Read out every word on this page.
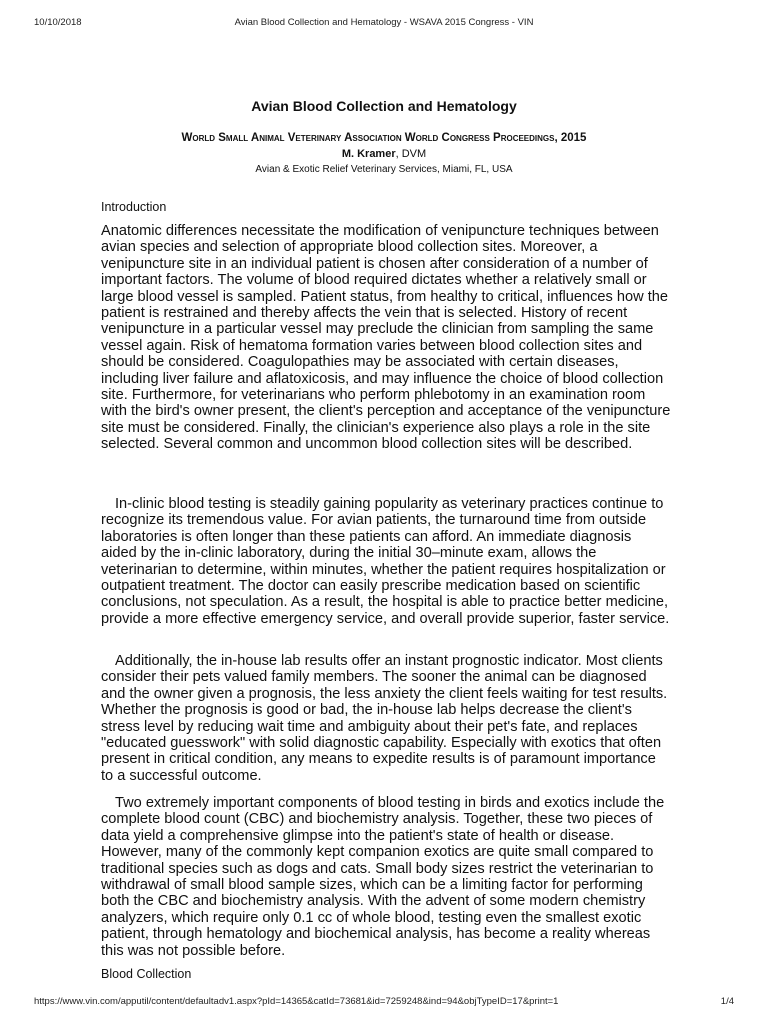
10/10/2018	Avian Blood Collection and Hematology - WSAVA 2015 Congress - VIN
Avian Blood Collection and Hematology
World Small Animal Veterinary Association World Congress Proceedings, 2015
M. Kramer, DVM
Avian & Exotic Relief Veterinary Services, Miami, FL, USA
Introduction

Anatomic differences necessitate the modification of venipuncture techniques between avian species and selection of appropriate blood collection sites. Moreover, a venipuncture site in an individual patient is chosen after consideration of a number of important factors. The volume of blood required dictates whether a relatively small or large blood vessel is sampled. Patient status, from healthy to critical, influences how the patient is restrained and thereby affects the vein that is selected. History of recent venipuncture in a particular vessel may preclude the clinician from sampling the same vessel again. Risk of hematoma formation varies between blood collection sites and should be considered. Coagulopathies may be associated with certain diseases, including liver failure and aflatoxicosis, and may influence the choice of blood collection site. Furthermore, for veterinarians who perform phlebotomy in an examination room with the bird's owner present, the client's perception and acceptance of the venipuncture site must be considered. Finally, the clinician's experience also plays a role in the site selected. Several common and uncommon blood collection sites will be described.

In-clinic blood testing is steadily gaining popularity as veterinary practices continue to recognize its tremendous value. For avian patients, the turnaround time from outside laboratories is often longer than these patients can afford. An immediate diagnosis aided by the in-clinic laboratory, during the initial 30–minute exam, allows the veterinarian to determine, within minutes, whether the patient requires hospitalization or outpatient treatment. The doctor can easily prescribe medication based on scientific conclusions, not speculation. As a result, the hospital is able to practice better medicine, provide a more effective emergency service, and overall provide superior, faster service.

Additionally, the in-house lab results offer an instant prognostic indicator. Most clients consider their pets valued family members. The sooner the animal can be diagnosed and the owner given a prognosis, the less anxiety the client feels waiting for test results. Whether the prognosis is good or bad, the in-house lab helps decrease the client's stress level by reducing wait time and ambiguity about their pet's fate, and replaces "educated guesswork" with solid diagnostic capability. Especially with exotics that often present in critical condition, any means to expedite results is of paramount importance to a successful outcome.

Two extremely important components of blood testing in birds and exotics include the complete blood count (CBC) and biochemistry analysis. Together, these two pieces of data yield a comprehensive glimpse into the patient's state of health or disease. However, many of the commonly kept companion exotics are quite small compared to traditional species such as dogs and cats. Small body sizes restrict the veterinarian to withdrawal of small blood sample sizes, which can be a limiting factor for performing both the CBC and biochemistry analysis. With the advent of some modern chemistry analyzers, which require only 0.1 cc of whole blood, testing even the smallest exotic patient, through hematology and biochemical analysis, has become a reality whereas this was not possible before.

Blood Collection
https://www.vin.com/apputil/content/defaultadv1.aspx?pId=14365&catId=73681&id=7259248&ind=94&objTypeID=17&print=1	1/4
